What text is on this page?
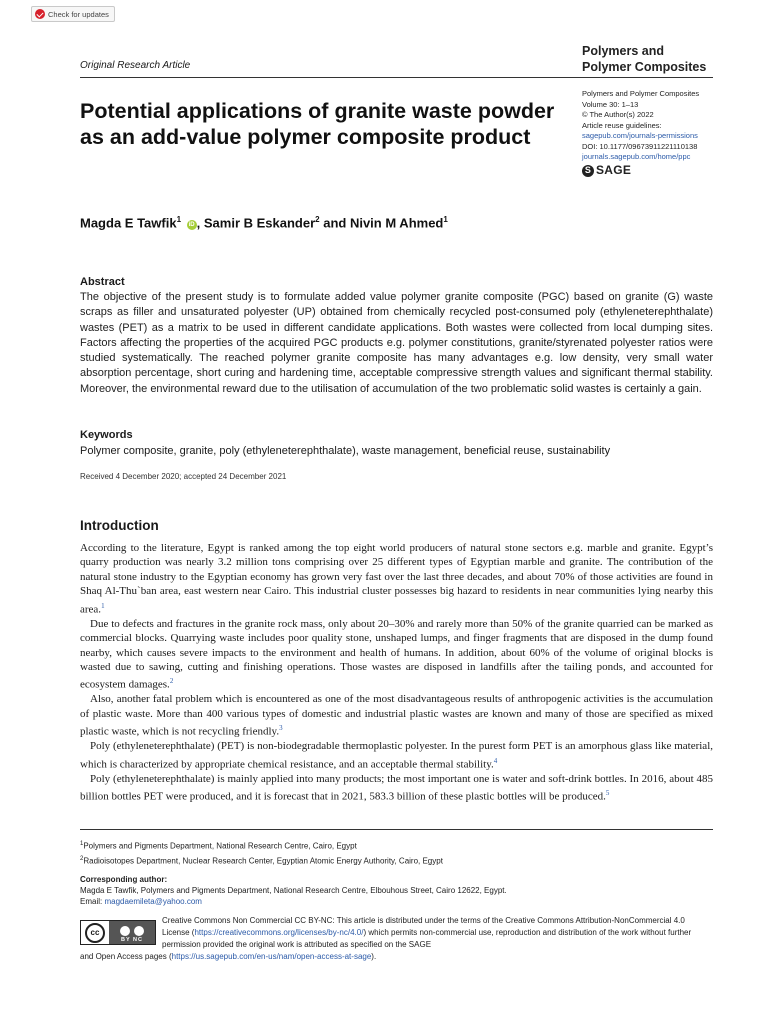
Check for updates
Original Research Article
Polymers and
Polymer Composites
Potential applications of granite waste powder as an add-value polymer composite product
Polymers and Polymer Composites
Volume 30: 1–13
© The Author(s) 2022
Article reuse guidelines:
sagepub.com/journals-permissions
DOI: 10.1177/09673911221110138
journals.sagepub.com/home/ppc
S SAGE
Magda E Tawfik$^1$ iD , Samir B Eskander$^2$ and Nivin M Ahmed$^1$
Abstract

The objective of the present study is to formulate added value polymer granite composite (PGC) based on granite (G) waste scraps as filler and unsaturated polyester (UP) obtained from chemically recycled post-consumed poly (ethyleneterephthalate) wastes (PET) as a matrix to be used in different candidate applications. Both wastes were collected from local dumping sites. Factors affecting the properties of the acquired PGC products e.g. polymer constitutions, granite/styrenated polyester ratios were studied systematically. The reached polymer granite composite has many advantages e.g. low density, very small water absorption percentage, short curing and hardening time, acceptable compressive strength values and significant thermal stability. Moreover, the environmental reward due to the utilisation of accumulation of the two problematic solid wastes is certainly a gain.

Keywords

Polymer composite, granite, poly (ethyleneterephthalate), waste management, beneficial reuse, sustainability

Received 4 December 2020; accepted 24 December 2021
Introduction

According to the literature, Egypt is ranked among the top eight world producers of natural stone sectors e.g. marble and granite. Egypt’s quarry production was nearly 3.2 million tons comprising over 25 different types of Egyptian marble and granite. The contribution of the natural stone industry to the Egyptian economy has grown very fast over the last three decades, and about 70% of those activities are found in Shaq Al-Thu`ban area, east western near Cairo. This industrial cluster possesses big hazard to residents in near communities lying nearby this area.$^1$

Due to defects and fractures in the granite rock mass, only about 20–30% and rarely more than 50% of the granite quarried can be marked as commercial blocks. Quarrying waste includes poor quality stone, unshaped lumps, and finger fragments that are disposed in the dump found nearby, which causes severe impacts to the environment and health of humans. In addition, about 60% of the volume of original blocks is wasted due to sawing, cutting and finishing operations. Those wastes are disposed in landfills after the tailing ponds, and accounted for ecosystem damages.$^2$

Also, another fatal problem which is encountered as one of the most disadvantageous results of anthropogenic activities is the accumulation of plastic waste. More than 400 various types of domestic and industrial plastic wastes are known and many of those are specified as mixed plastic waste, which is not recycling friendly.$^3$

Poly (ethyleneterephthalate) (PET) is non-biodegradable thermoplastic polyester. In the purest form PET is an amorphous glass like material, which is characterized by appropriate chemical resistance, and an acceptable thermal stability.$^4$

Poly (ethyleneterephthalate) is mainly applied into many products; the most important one is water and soft-drink bottles. In 2016, about 485 billion bottles PET were produced, and it is forecast that in 2021, 583.3 billion of these plastic bottles will be produced.$^5$

$^1$Polymers and Pigments Department, National Research Centre, Cairo, Egypt
$^2$Radioisotopes Department, Nuclear Research Center, Egyptian Atomic Energy Authority, Cairo, Egypt
Corresponding author:
Magda E Tawfik, Polymers and Pigments Department, National Research Centre, Elbouhous Street, Cairo 12622, Egypt.
Email: magdaemileta@yahoo.com
cc
BY NC
Creative Commons Non Commercial CC BY-NC: This article is distributed under the terms of the Creative Commons Attribution-NonCommercial 4.0 License (https://creativecommons.org/licenses/by-nc/4.0/) which permits non-commercial use, reproduction and distribution of the work without further permission provided the original work is attributed as specified on the SAGE
and Open Access pages (https://us.sagepub.com/en-us/nam/open-access-at-sage).
